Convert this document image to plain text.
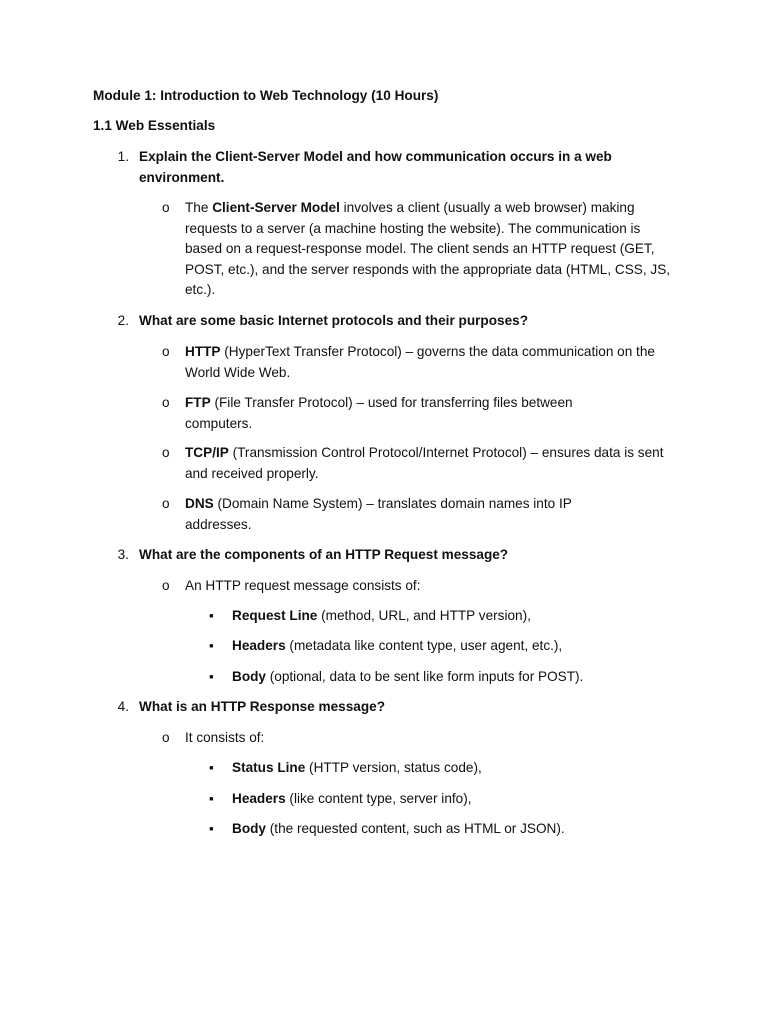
Module 1: Introduction to Web Technology (10 Hours)
1.1 Web Essentials
1. Explain the Client-Server Model and how communication occurs in a web environment.
o	The Client-Server Model involves a client (usually a web browser) making requests to a server (a machine hosting the website). The communication is based on a request-response model. The client sends an HTTP request (GET, POST, etc.), and the server responds with the appropriate data (HTML, CSS, JS, etc.).
2. What are some basic Internet protocols and their purposes?
o	HTTP (HyperText Transfer Protocol) – governs the data communication on the World Wide Web.
o	FTP (File Transfer Protocol) – used for transferring files between computers.
o	TCP/IP (Transmission Control Protocol/Internet Protocol) – ensures data is sent and received properly.
o	DNS (Domain Name System) – translates domain names into IP addresses.
3. What are the components of an HTTP Request message?
o	An HTTP request message consists of:
▪	Request Line (method, URL, and HTTP version),
▪	Headers (metadata like content type, user agent, etc.),
▪	Body (optional, data to be sent like form inputs for POST).
4. What is an HTTP Response message?
o	It consists of:
▪	Status Line (HTTP version, status code),
▪	Headers (like content type, server info),
▪	Body (the requested content, such as HTML or JSON).
